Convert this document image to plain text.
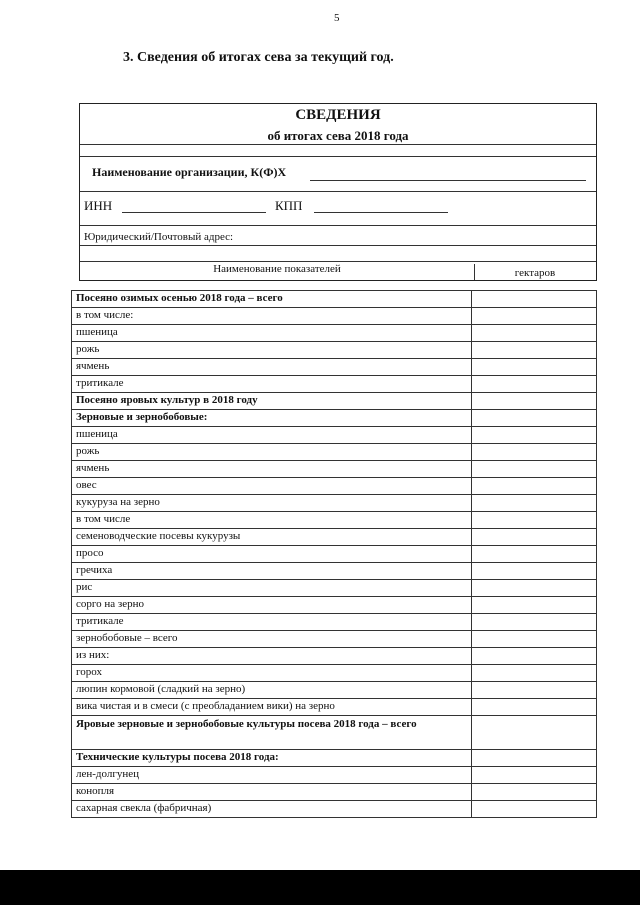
5
3. Сведения об итогах сева за текущий год.
СВЕДЕНИЯ
об итогах сева 2018 года
Наименование организации, К(Ф)Х
ИНН	КПП
Юридический/Почтовый адрес:
Наименование показателей	гектаров
Посеяно озимых осенью 2018 года – всего	
в том числе:	
пшеница	
рожь	
ячмень	
тритикале	
Посеяно яровых культур в 2018 году	
Зерновые и зернобобовые:	
пшеница	
рожь	
ячмень	
овес	
кукуруза на зерно	
в том числе	
семеноводческие посевы кукурузы	
просо	
гречиха	
рис	
сорго на зерно	
тритикале	
зернобобовые – всего	
из них:	
горох	
люпин кормовой (сладкий на зерно)	
вика чистая и в смеси (с преобладанием вики) на зерно	
Яровые зерновые и зернобобовые культуры посева 2018 года – всего	
Технические культуры посева 2018 года:	
лен-долгунец	
конопля	
сахарная свекла (фабричная)	
